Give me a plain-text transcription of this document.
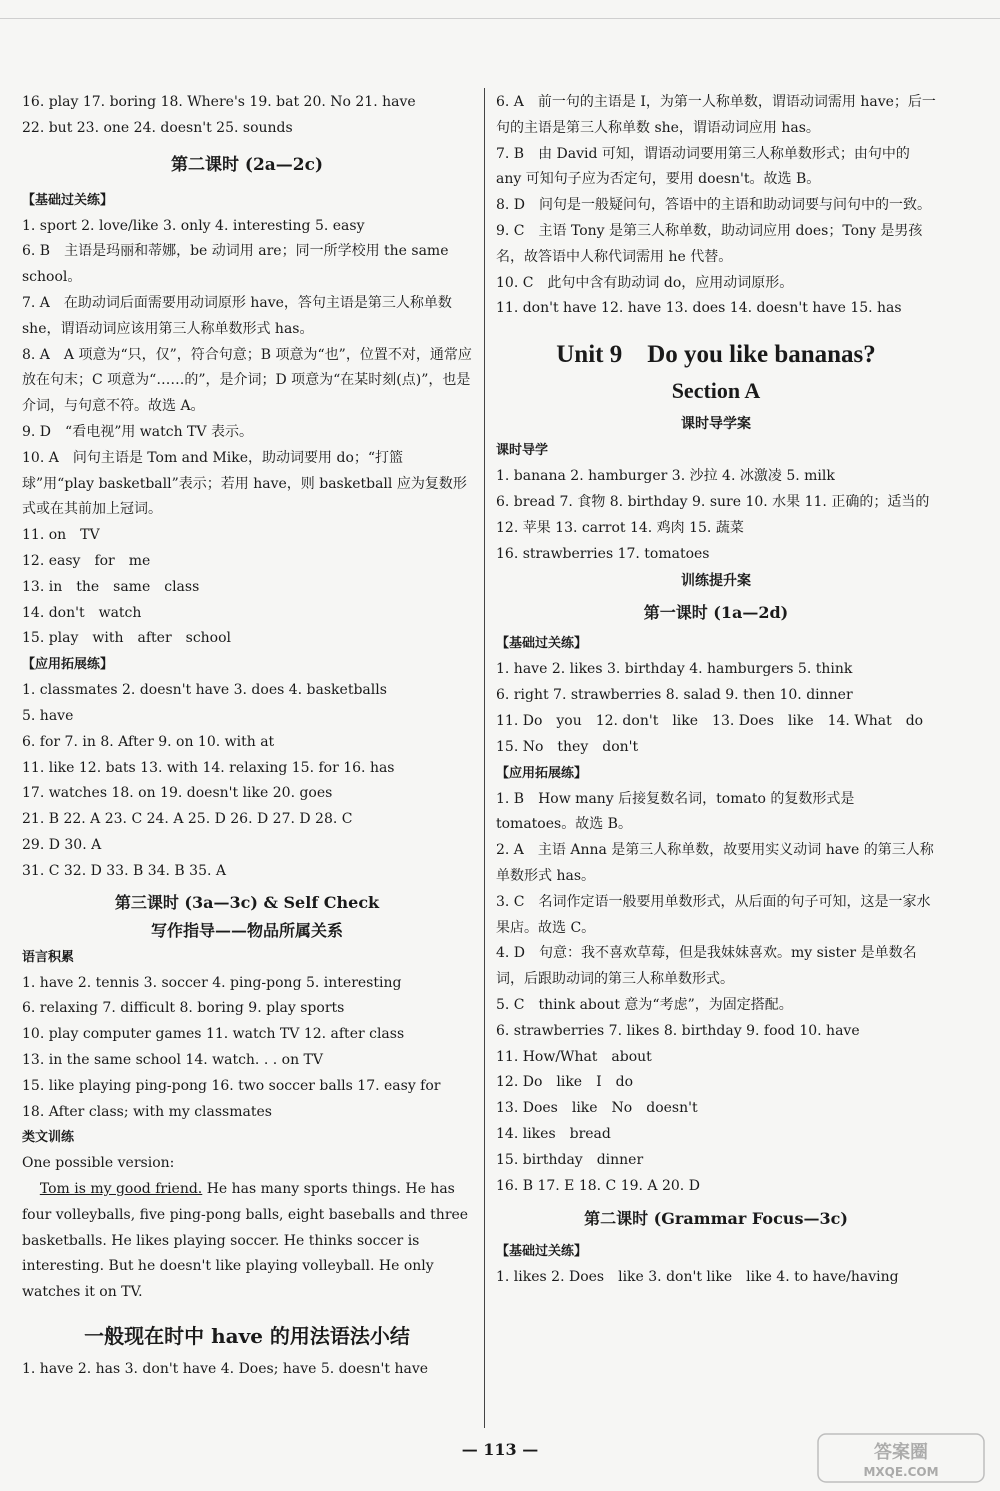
16. play 17. boring 18. Where's 19. bat 20. No 21. have
22. but 23. one 24. doesn't 25. sounds
第二课时 (2a—2c)
【基础过关练】
1. sport 2. love/like 3. only 4. interesting 5. easy
6. B　主语是玛丽和蒂娜，be 动词用 are；同一所学校用 the same school。
7. A　在助动词后面需要用动词原形 have，答句主语是第三人称单数 she，谓语动词应该用第三人称单数形式 has。
8. A　A 项意为“只，仅”，符合句意；B 项意为“也”，位置不对，通常应放在句末；C 项意为“……的”，是介词；D 项意为“在某时刻(点)”，也是介词，与句意不符。故选 A。
9. D　“看电视”用 watch TV 表示。
10. A　问句主语是 Tom and Mike，助动词要用 do；“打篮球”用“play basketball”表示；若用 have，则 basketball 应为复数形式或在其前加上冠词。
11. on　TV
12. easy　for　me
13. in　the　same　class
14. don't　watch
15. play　with　after　school
【应用拓展练】
1. classmates 2. doesn't have 3. does 4. basketballs
5. have
6. for 7. in 8. After 9. on 10. with at
11. like 12. bats 13. with 14. relaxing 15. for 16. has
17. watches 18. on 19. doesn't like 20. goes
21. B 22. A 23. C 24. A 25. D 26. D 27. D 28. C
29. D 30. A
31. C 32. D 33. B 34. B 35. A
第三课时 (3a—3c) & Self Check
写作指导——物品所属关系
语言积累
1. have 2. tennis 3. soccer 4. ping-pong 5. interesting
6. relaxing 7. difficult 8. boring 9. play sports
10. play computer games 11. watch TV 12. after class
13. in the same school 14. watch. . . on TV
15. like playing ping-pong 16. two soccer balls 17. easy for
18. After class; with my classmates
类文训练
One possible version:
Tom is my good friend. He has many sports things. He has four volleyballs, five ping-pong balls, eight baseballs and three basketballs. He likes playing soccer. He thinks soccer is interesting. But he doesn't like playing volleyball. He only watches it on TV.
一般现在时中 have 的用法语法小结
1. have 2. has 3. don't have 4. Does; have 5. doesn't have
6. A　前一句的主语是 I，为第一人称单数，谓语动词需用 have；后一句的主语是第三人称单数 she，谓语动词应用 has。
7. B　由 David 可知，谓语动词要用第三人称单数形式；由句中的 any 可知句子应为否定句，要用 doesn't。故选 B。
8. D　问句是一般疑问句，答语中的主语和助动词要与问句中的一致。
9. C　主语 Tony 是第三人称单数，助动词应用 does；Tony 是男孩名，故答语中人称代词需用 he 代替。
10. C　此句中含有助动词 do，应用动词原形。
11. don't have 12. have 13. does 14. doesn't have 15. has
Unit 9　Do you like bananas?
Section A
课时导学案
课时导学
1. banana 2. hamburger 3. 沙拉 4. 冰激凌 5. milk
6. bread 7. 食物 8. birthday 9. sure 10. 水果 11. 正确的；适当的 12. 苹果 13. carrot 14. 鸡肉 15. 蔬菜
16. strawberries 17. tomatoes
训练提升案
第一课时 (1a—2d)
【基础过关练】
1. have 2. likes 3. birthday 4. hamburgers 5. think
6. right 7. strawberries 8. salad 9. then 10. dinner
11. Do　you　12. don't　like　13. Does　like　14. What　do
15. No　they　don't
【应用拓展练】
1. B　How many 后接复数名词，tomato 的复数形式是 tomatoes。故选 B。
2. A　主语 Anna 是第三人称单数，故要用实义动词 have 的第三人称单数形式 has。
3. C　名词作定语一般要用单数形式，从后面的句子可知，这是一家水果店。故选 C。
4. D　句意：我不喜欢草莓，但是我妹妹喜欢。my sister 是单数名词，后跟助动词的第三人称单数形式。
5. C　think about 意为“考虑”，为固定搭配。
6. strawberries 7. likes 8. birthday 9. food 10. have
11. How/What　about
12. Do　like　I　do
13. Does　like　No　doesn't
14. likes　bread
15. birthday　dinner
16. B 17. E 18. C 19. A 20. D
第二课时 (Grammar Focus—3c)
【基础过关练】
1. likes 2. Does　like 3. don't like　like 4. to have/having
— 113 —	答案圈
MXQE.COM
